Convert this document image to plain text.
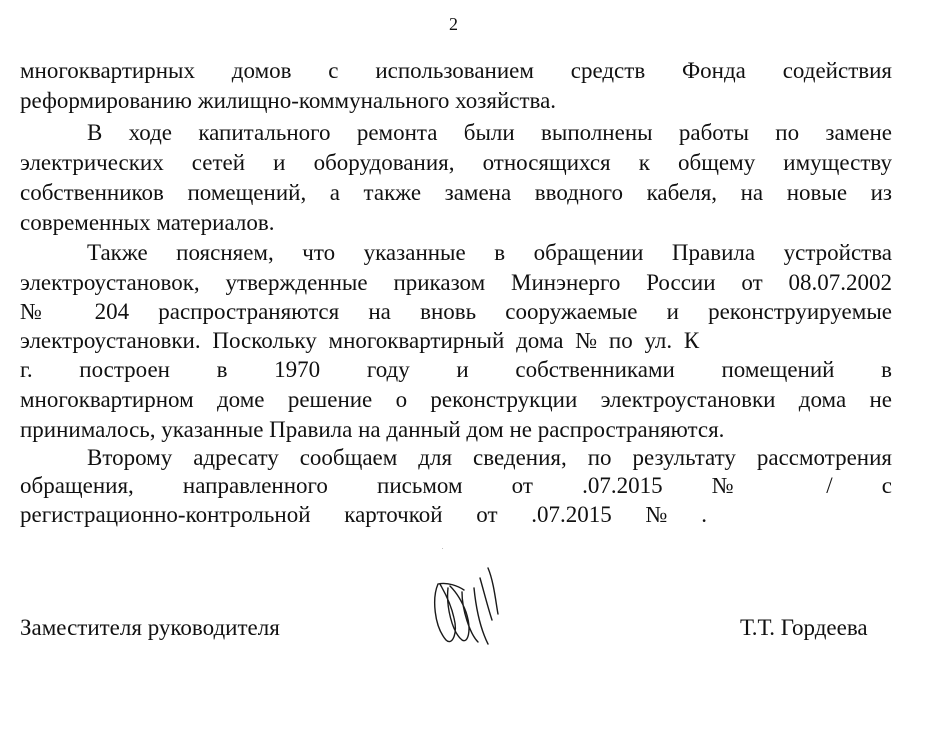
2
многоквартирных домов с использованием средств Фонда содействия
реформированию жилищно-коммунального хозяйства.
В ходе капитального ремонта были выполнены работы по замене
электрических сетей и оборудования, относящихся к общему имуществу
собственников помещений, а также замена вводного кабеля, на новые из
современных материалов.
Также поясняем, что указанные в обращении Правила устройства
электроустановок, утвержденные приказом Минэнерго России от 08.07.2002
№ 204 распространяются на вновь сооружаемые и реконструируемые
электроустановки. Поскольку многоквартирный дома № по ул. К
г. построен в 1970 году и собственниками помещений в
многоквартирном доме решение о реконструкции электроустановки дома не
принималось, указанные Правила на данный дом не распространяются.
Второму адресату сообщаем для сведения, по результату рассмотрения
обращения, направленного письмом от .07.2015 № / с
регистрационно-контрольной карточкой от .07.2015 № .
Заместителя руководителя	Т.Т. Гордеева
